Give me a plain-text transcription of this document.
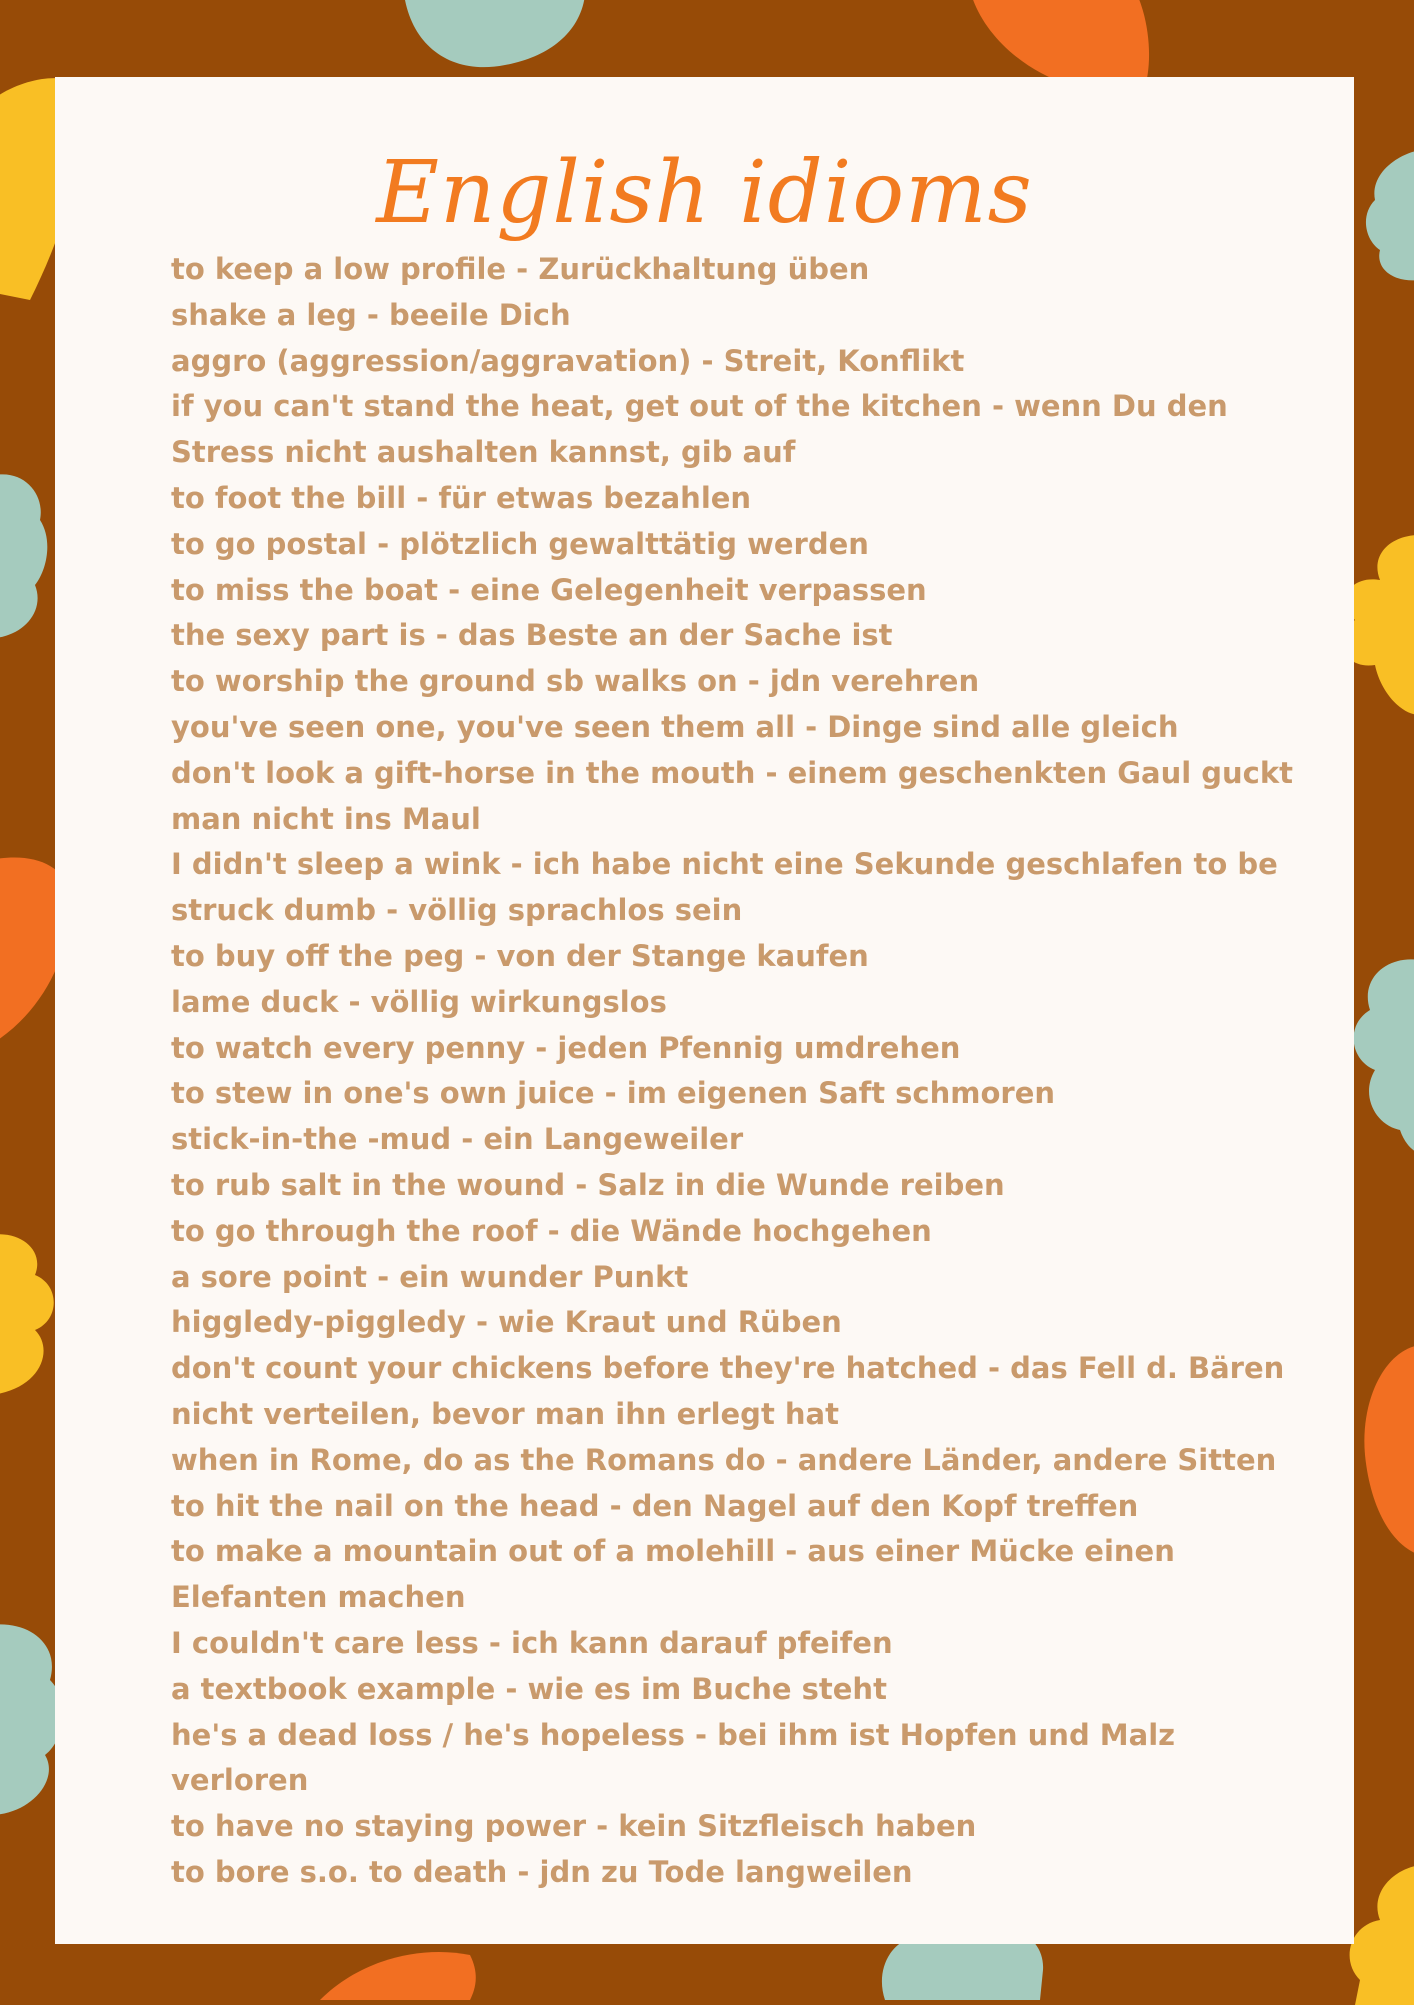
English idioms
to keep a low profile - Zurückhaltung üben
shake a leg - beeile Dich
aggro (aggression/aggravation) - Streit, Konflikt
if you can't stand the heat, get out of the kitchen - wenn Du den
Stress nicht aushalten kannst, gib auf
to foot the bill - für etwas bezahlen
to go postal - plötzlich gewalttätig werden
to miss the boat - eine Gelegenheit verpassen
the sexy part is - das Beste an der Sache ist
to worship the ground sb walks on - jdn verehren
you've seen one, you've seen them all - Dinge sind alle gleich
don't look a gift-horse in the mouth - einem geschenkten Gaul guckt
man nicht ins Maul
I didn't sleep a wink - ich habe nicht eine Sekunde geschlafen to be
struck dumb - völlig sprachlos sein
to buy off the peg - von der Stange kaufen
lame duck - völlig wirkungslos
to watch every penny - jeden Pfennig umdrehen
to stew in one's own juice - im eigenen Saft schmoren
stick-in-the -mud - ein Langeweiler
to rub salt in the wound - Salz in die Wunde reiben
to go through the roof - die Wände hochgehen
a sore point - ein wunder Punkt
higgledy-piggledy - wie Kraut und Rüben
don't count your chickens before they're hatched - das Fell d. Bären
nicht verteilen, bevor man ihn erlegt hat
when in Rome, do as the Romans do - andere Länder, andere Sitten
to hit the nail on the head - den Nagel auf den Kopf treffen
to make a mountain out of a molehill - aus einer Mücke einen
Elefanten machen
I couldn't care less - ich kann darauf pfeifen
a textbook example - wie es im Buche steht
he's a dead loss / he's hopeless - bei ihm ist Hopfen und Malz
verloren
to have no staying power - kein Sitzfleisch haben
to bore s.o. to death - jdn zu Tode langweilen
